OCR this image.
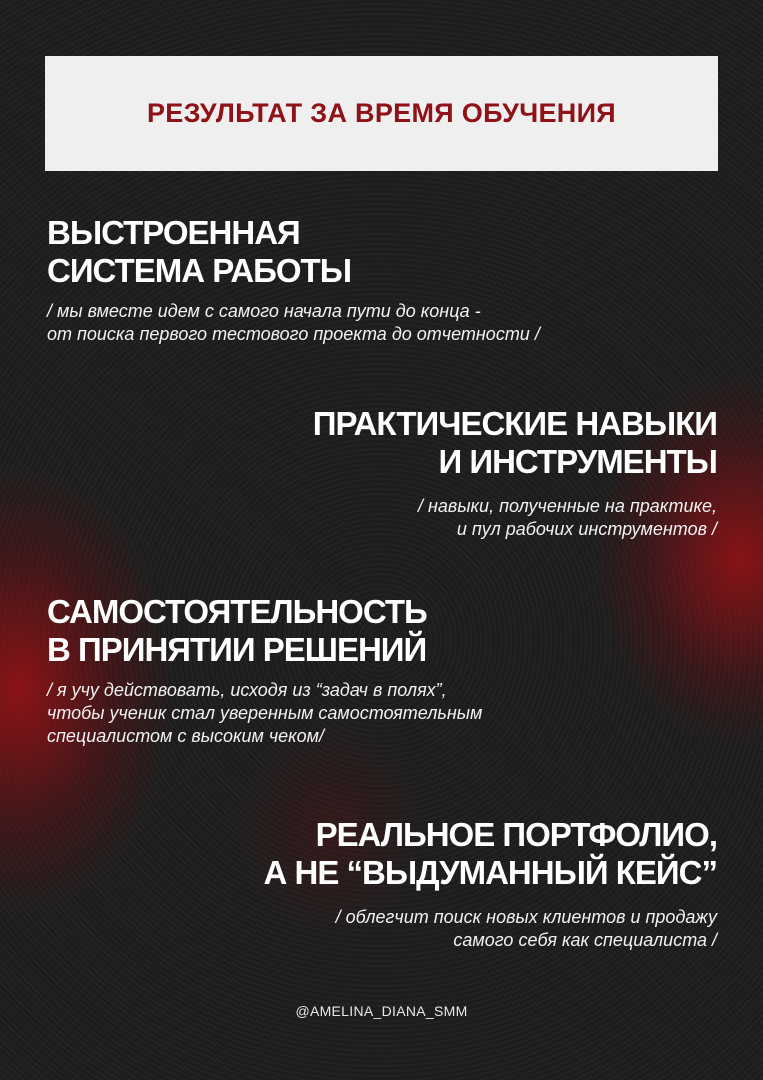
РЕЗУЛЬТАТ ЗА ВРЕМЯ ОБУЧЕНИЯ

ВЫСТРОЕННАЯ
СИСТЕМА РАБОТЫ

/ мы вместе идем с самого начала пути до конца -
от поиска первого тестового проекта до отчетности /

ПРАКТИЧЕСКИЕ НАВЫКИ
И ИНСТРУМЕНТЫ

/ навыки, полученные на практике,
и пул рабочих инструментов /

САМОСТОЯТЕЛЬНОСТЬ
В ПРИНЯТИИ РЕШЕНИЙ

/ я учу действовать, исходя из “задач в полях”,
чтобы ученик стал уверенным самостоятельным
специалистом с высоким чеком/

РЕАЛЬНОЕ ПОРТФОЛИО,
А НЕ “ВЫДУМАННЫЙ КЕЙС”

/ облегчит поиск новых клиентов и продажу
самого себя как специалиста /

@AMELINA_DIANA_SMM
